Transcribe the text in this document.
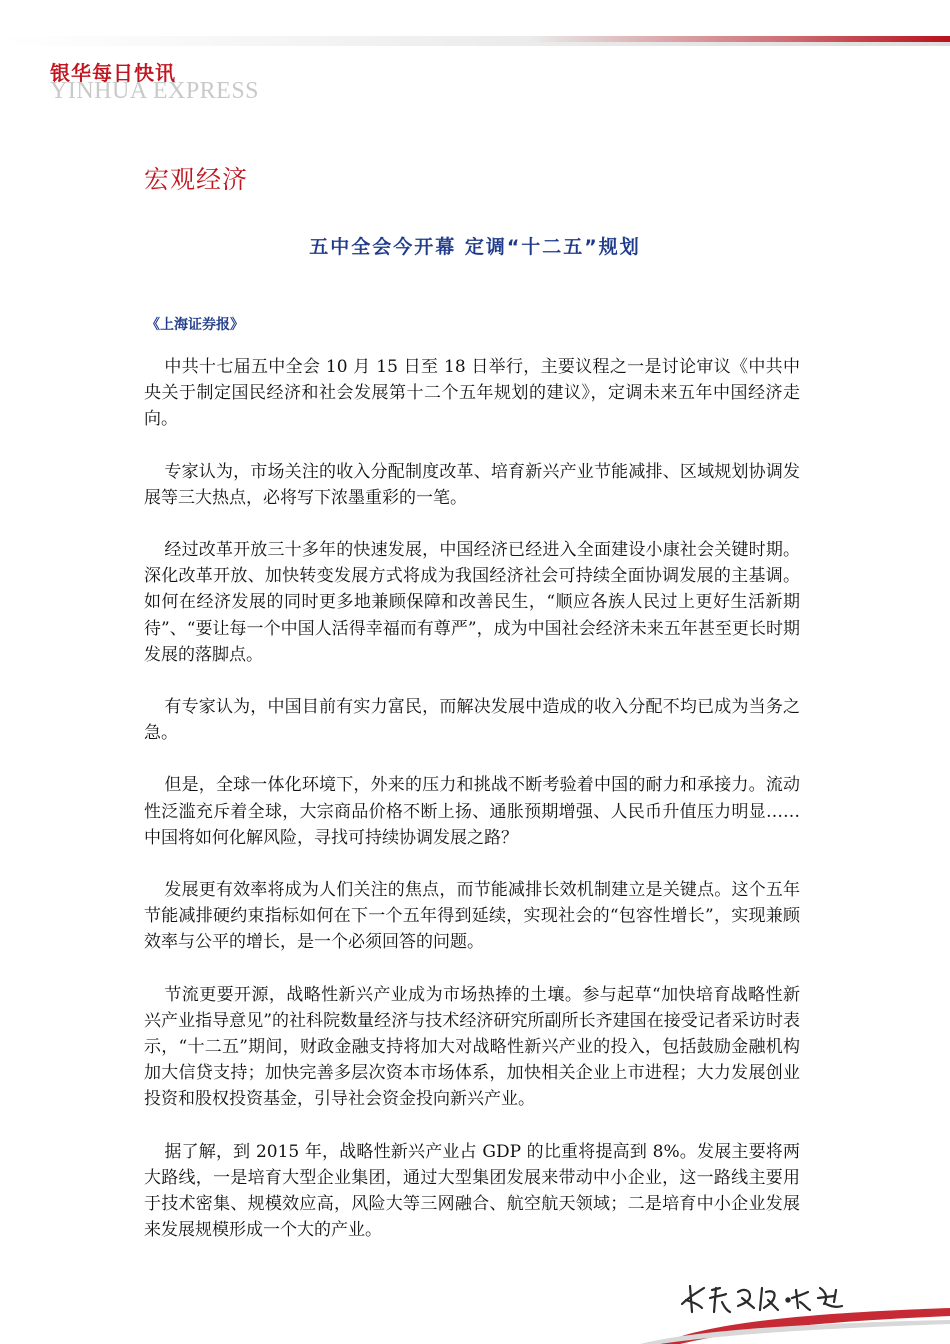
银华每日快讯
YINHUA EXPRESS
宏观经济
五中全会今开幕 定调“十二五”规划
《上海证券报》

中共十七届五中全会 10 月 15 日至 18 日举行，主要议程之一是讨论审议《中共中央关于制定国民经济和社会发展第十二个五年规划的建议》，定调未来五年中国经济走向。

专家认为，市场关注的收入分配制度改革、培育新兴产业节能减排、区域规划协调发展等三大热点，必将写下浓墨重彩的一笔。

经过改革开放三十多年的快速发展，中国经济已经进入全面建设小康社会关键时期。深化改革开放、加快转变发展方式将成为我国经济社会可持续全面协调发展的主基调。如何在经济发展的同时更多地兼顾保障和改善民生，“顺应各族人民过上更好生活新期待”、“要让每一个中国人活得幸福而有尊严”，成为中国社会经济未来五年甚至更长时期发展的落脚点。

有专家认为，中国目前有实力富民，而解决发展中造成的收入分配不均已成为当务之急。

但是，全球一体化环境下，外来的压力和挑战不断考验着中国的耐力和承接力。流动性泛滥充斥着全球，大宗商品价格不断上扬、通胀预期增强、人民币升值压力明显……中国将如何化解风险，寻找可持续协调发展之路？

发展更有效率将成为人们关注的焦点，而节能减排长效机制建立是关键点。这个五年节能减排硬约束指标如何在下一个五年得到延续，实现社会的“包容性增长”，实现兼顾效率与公平的增长，是一个必须回答的问题。

节流更要开源，战略性新兴产业成为市场热捧的土壤。参与起草“加快培育战略性新兴产业指导意见”的社科院数量经济与技术经济研究所副所长齐建国在接受记者采访时表示，“十二五”期间，财政金融支持将加大对战略性新兴产业的投入，包括鼓励金融机构加大信贷支持；加快完善多层次资本市场体系，加快相关企业上市进程；大力发展创业投资和股权投资基金，引导社会资金投向新兴产业。

据了解，到 2015 年，战略性新兴产业占 GDP 的比重将提高到 8%。发展主要将两大路线，一是培育大型企业集团，通过大型集团发展来带动中小企业，这一路线主要用于技术密集、规模效应高，风险大等三网融合、航空航天领域；二是培育中小企业发展来发展规模形成一个大的产业。
